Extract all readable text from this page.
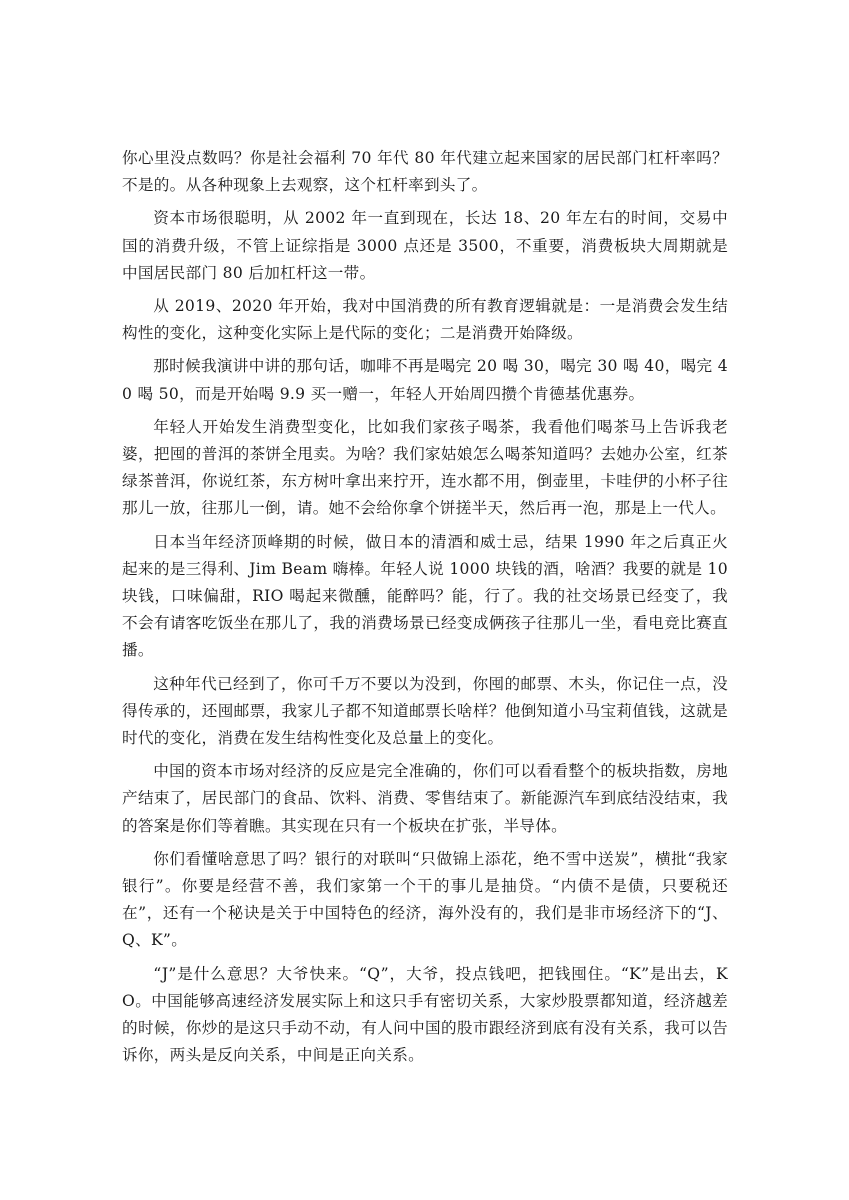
你心里没点数吗？你是社会福利 70 年代 80 年代建立起来国家的居民部门杠杆率吗？不是的。从各种现象上去观察，这个杠杆率到头了。

资本市场很聪明，从 2002 年一直到现在，长达 18、20 年左右的时间，交易中国的消费升级，不管上证综指是 3000 点还是 3500，不重要，消费板块大周期就是中国居民部门 80 后加杠杆这一带。

从 2019、2020 年开始，我对中国消费的所有教育逻辑就是：一是消费会发生结构性的变化，这种变化实际上是代际的变化；二是消费开始降级。

那时候我演讲中讲的那句话，咖啡不再是喝完 20 喝 30，喝完 30 喝 40，喝完 40 喝 50，而是开始喝 9.9 买一赠一，年轻人开始周四攒个肯德基优惠券。

年轻人开始发生消费型变化，比如我们家孩子喝茶，我看他们喝茶马上告诉我老婆，把囤的普洱的茶饼全甩卖。为啥？我们家姑娘怎么喝茶知道吗？去她办公室，红茶绿茶普洱，你说红茶，东方树叶拿出来拧开，连水都不用，倒壶里，卡哇伊的小杯子往那儿一放，往那儿一倒，请。她不会给你拿个饼搓半天，然后再一泡，那是上一代人。

日本当年经济顶峰期的时候，做日本的清酒和威士忌，结果 1990 年之后真正火起来的是三得利、Jim Beam 嗨棒。年轻人说 1000 块钱的酒，啥酒？我要的就是 10 块钱，口味偏甜，RIO 喝起来微醺，能醉吗？能，行了。我的社交场景已经变了，我不会有请客吃饭坐在那儿了，我的消费场景已经变成俩孩子往那儿一坐，看电竞比赛直播。

这种年代已经到了，你可千万不要以为没到，你囤的邮票、木头，你记住一点，没得传承的，还囤邮票，我家儿子都不知道邮票长啥样？他倒知道小马宝莉值钱，这就是时代的变化，消费在发生结构性变化及总量上的变化。

中国的资本市场对经济的反应是完全准确的，你们可以看看整个的板块指数，房地产结束了，居民部门的食品、饮料、消费、零售结束了。新能源汽车到底结没结束，我的答案是你们等着瞧。其实现在只有一个板块在扩张，半导体。

你们看懂啥意思了吗？银行的对联叫“只做锦上添花，绝不雪中送炭”，横批“我家银行”。你要是经营不善，我们家第一个干的事儿是抽贷。“内债不是债，只要税还在”，还有一个秘诀是关于中国特色的经济，海外没有的，我们是非市场经济下的“J、Q、K”。

“J”是什么意思？大爷快来。“Q”，大爷，投点钱吧，把钱囤住。“K”是出去，KO。中国能够高速经济发展实际上和这只手有密切关系，大家炒股票都知道，经济越差的时候，你炒的是这只手动不动，有人问中国的股市跟经济到底有没有关系，我可以告诉你，两头是反向关系，中间是正向关系。
